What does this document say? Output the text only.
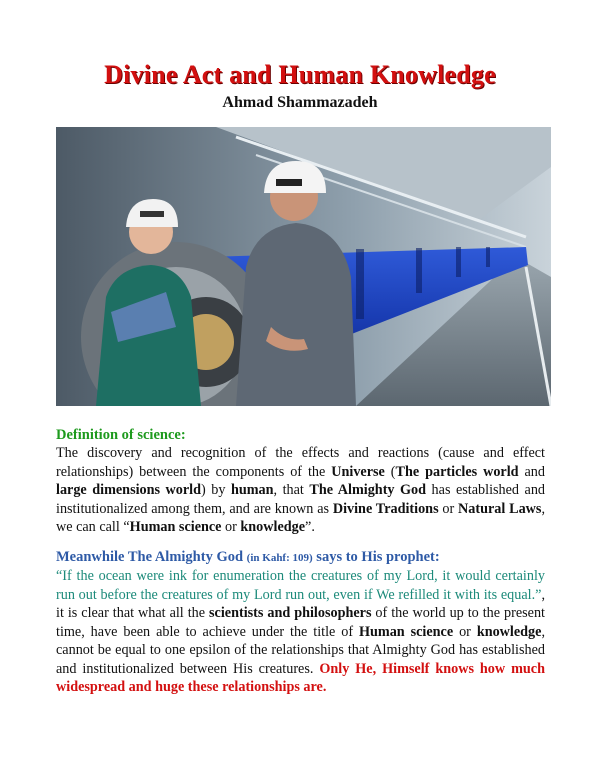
Divine Act and Human Knowledge
Ahmad Shammazadeh
Definition of science:
The discovery and recognition of the effects and reactions (cause and effect relationships) between the components of the Universe (The particles world and large dimensions world) by human, that The Almighty God has established and institutionalized among them, and are known as Divine Traditions or Natural Laws, we can call “Human science or knowledge”.
Meanwhile The Almighty God (in Kahf: 109) says to His prophet:
“If the ocean were ink for enumeration the creatures of my Lord, it would certainly run out before the creatures of my Lord run out, even if We refilled it with its equal.”, it is clear that what all the scientists and philosophers of the world up to the present time, have been able to achieve under the title of Human science or knowledge, cannot be equal to one epsilon of the relationships that Almighty God has established and institutionalized between His creatures. Only He, Himself knows how much widespread and huge these relationships are.
